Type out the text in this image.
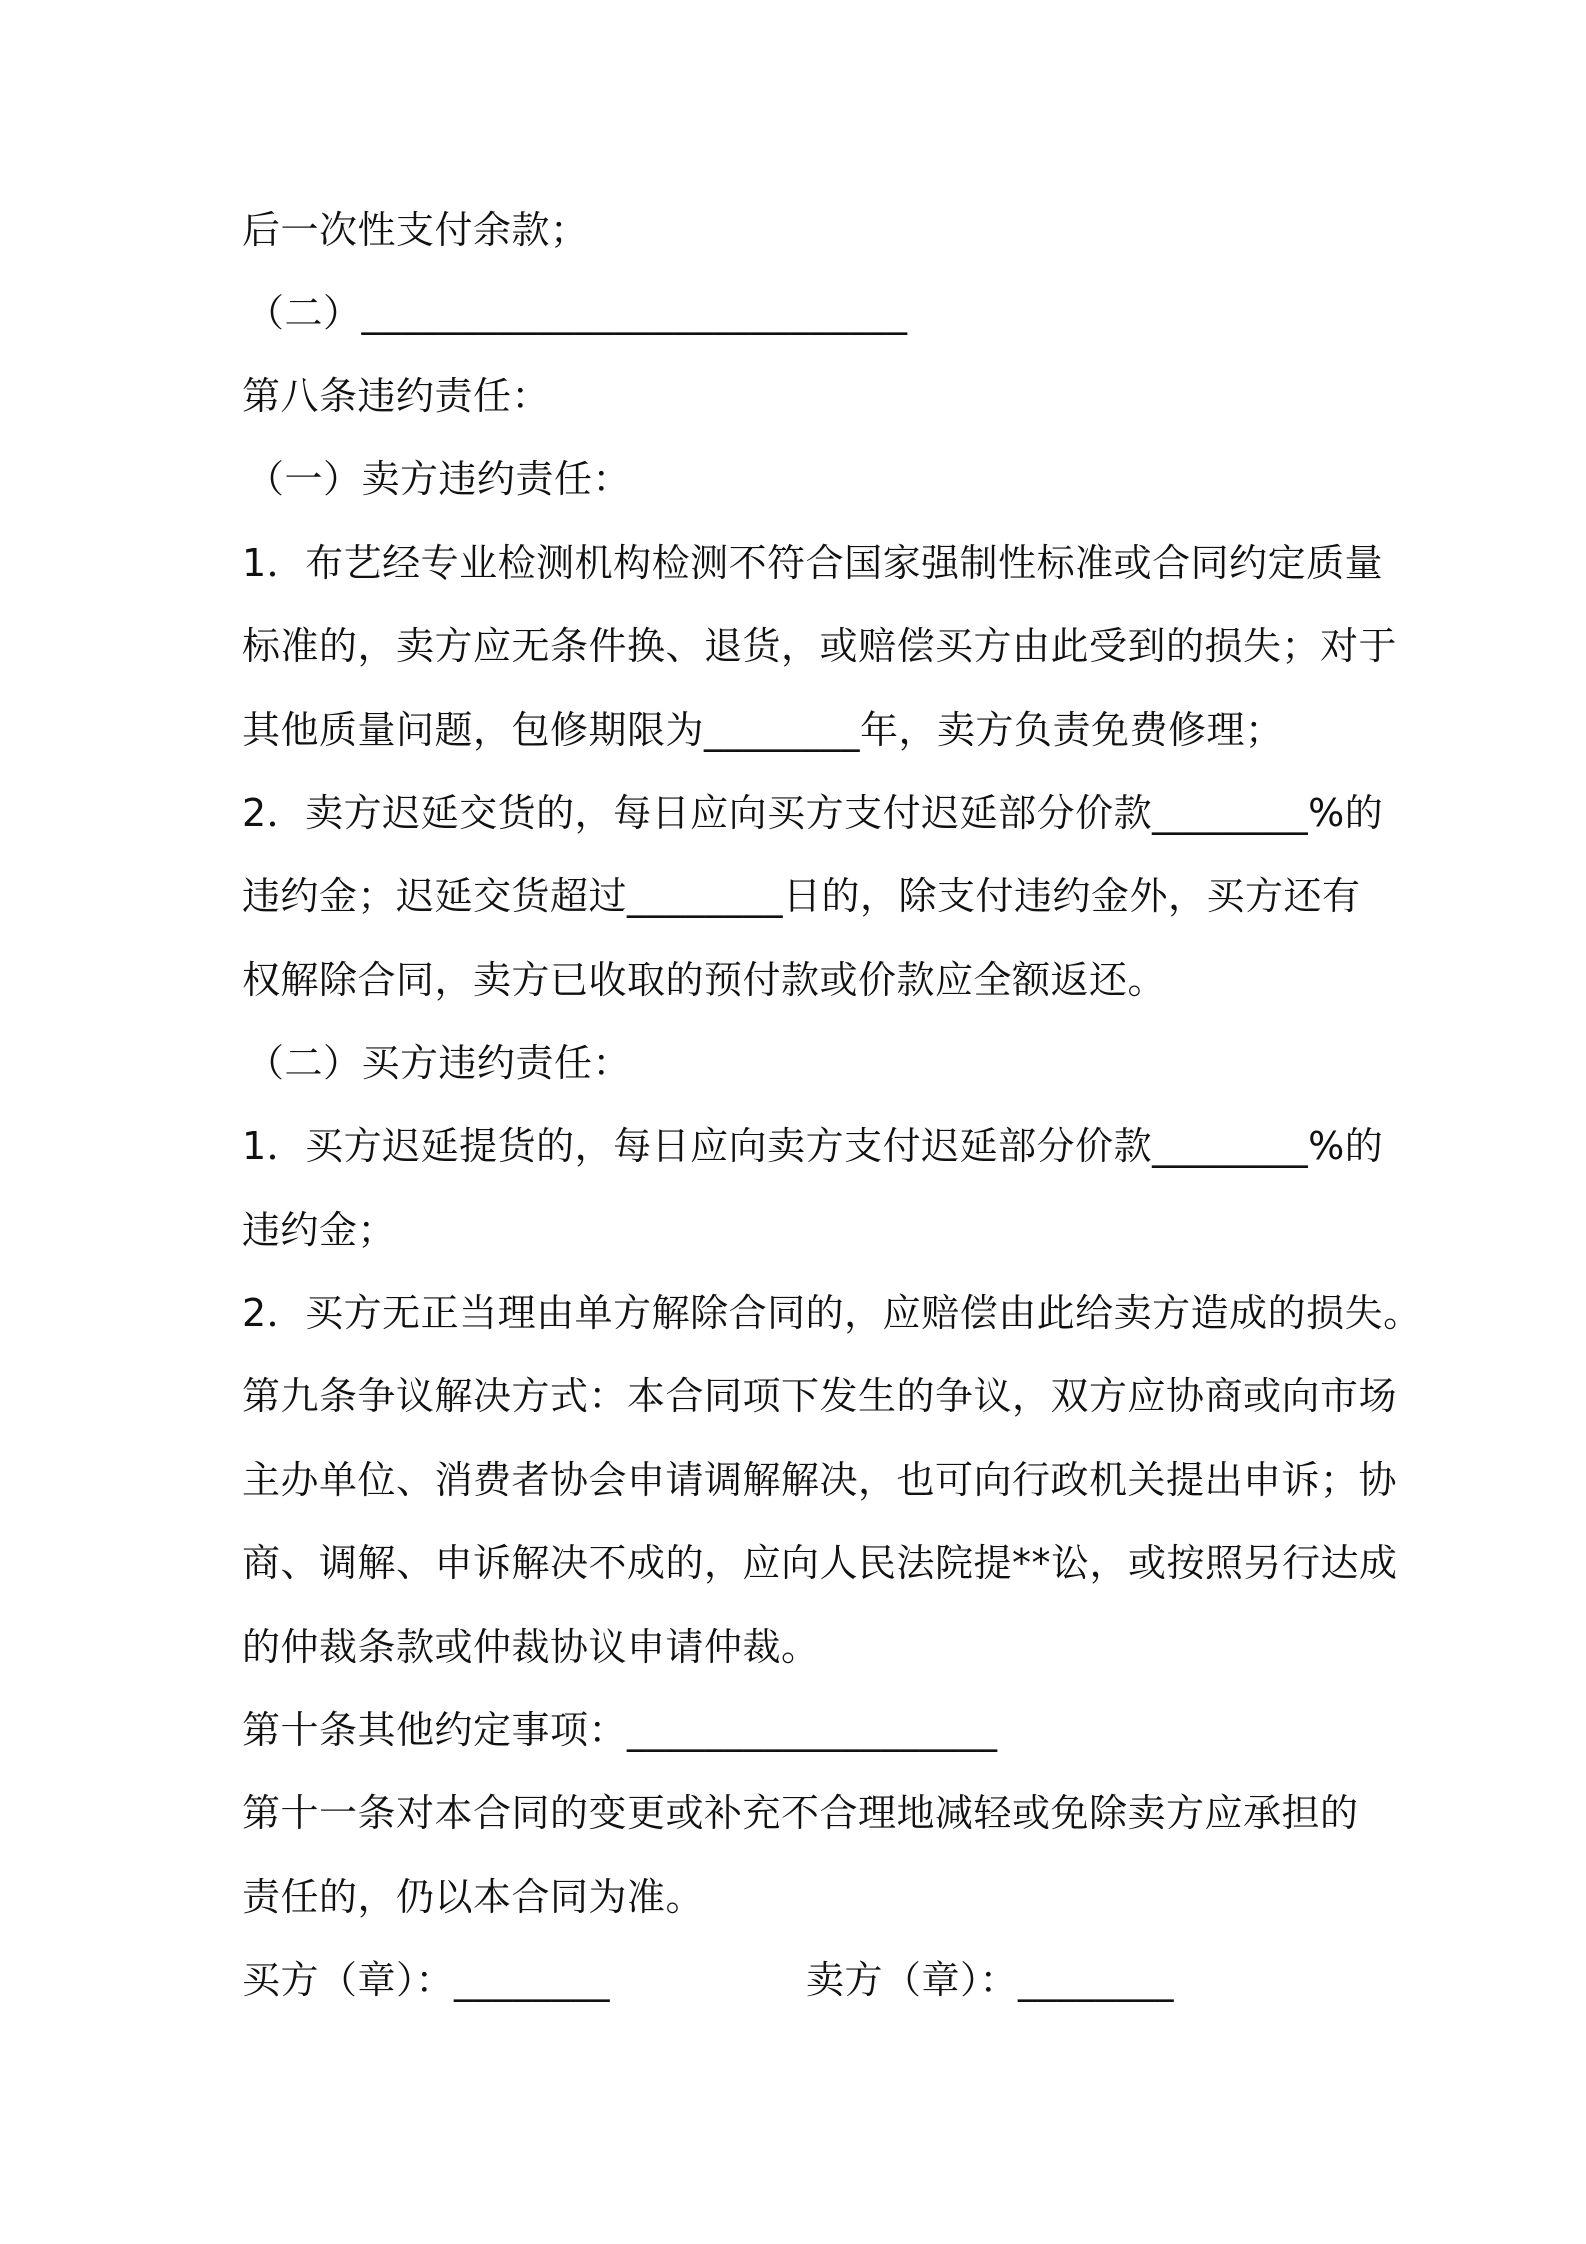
后一次性支付余款；
（二）____________________________
第八条违约责任：
（一）卖方违约责任：
1．布艺经专业检测机构检测不符合国家强制性标准或合同约定质量
标准的，卖方应无条件换、退货，或赔偿买方由此受到的损失；对于
其他质量问题，包修期限为________年，卖方负责免费修理；
2．卖方迟延交货的，每日应向买方支付迟延部分价款________%的
违约金；迟延交货超过________日的，除支付违约金外，买方还有
权解除合同，卖方已收取的预付款或价款应全额返还。
（二）买方违约责任：
1．买方迟延提货的，每日应向卖方支付迟延部分价款________%的
违约金；
2．买方无正当理由单方解除合同的，应赔偿由此给卖方造成的损失。
第九条争议解决方式：本合同项下发生的争议，双方应协商或向市场
主办单位、消费者协会申请调解解决，也可向行政机关提出申诉；协
商、调解、申诉解决不成的，应向人民法院提**讼，或按照另行达成
的仲裁条款或仲裁协议申请仲裁。
第十条其他约定事项：___________________
第十一条对本合同的变更或补充不合理地减轻或免除卖方应承担的
责任的，仍以本合同为准。
买方（章）：________	卖方（章）：________
